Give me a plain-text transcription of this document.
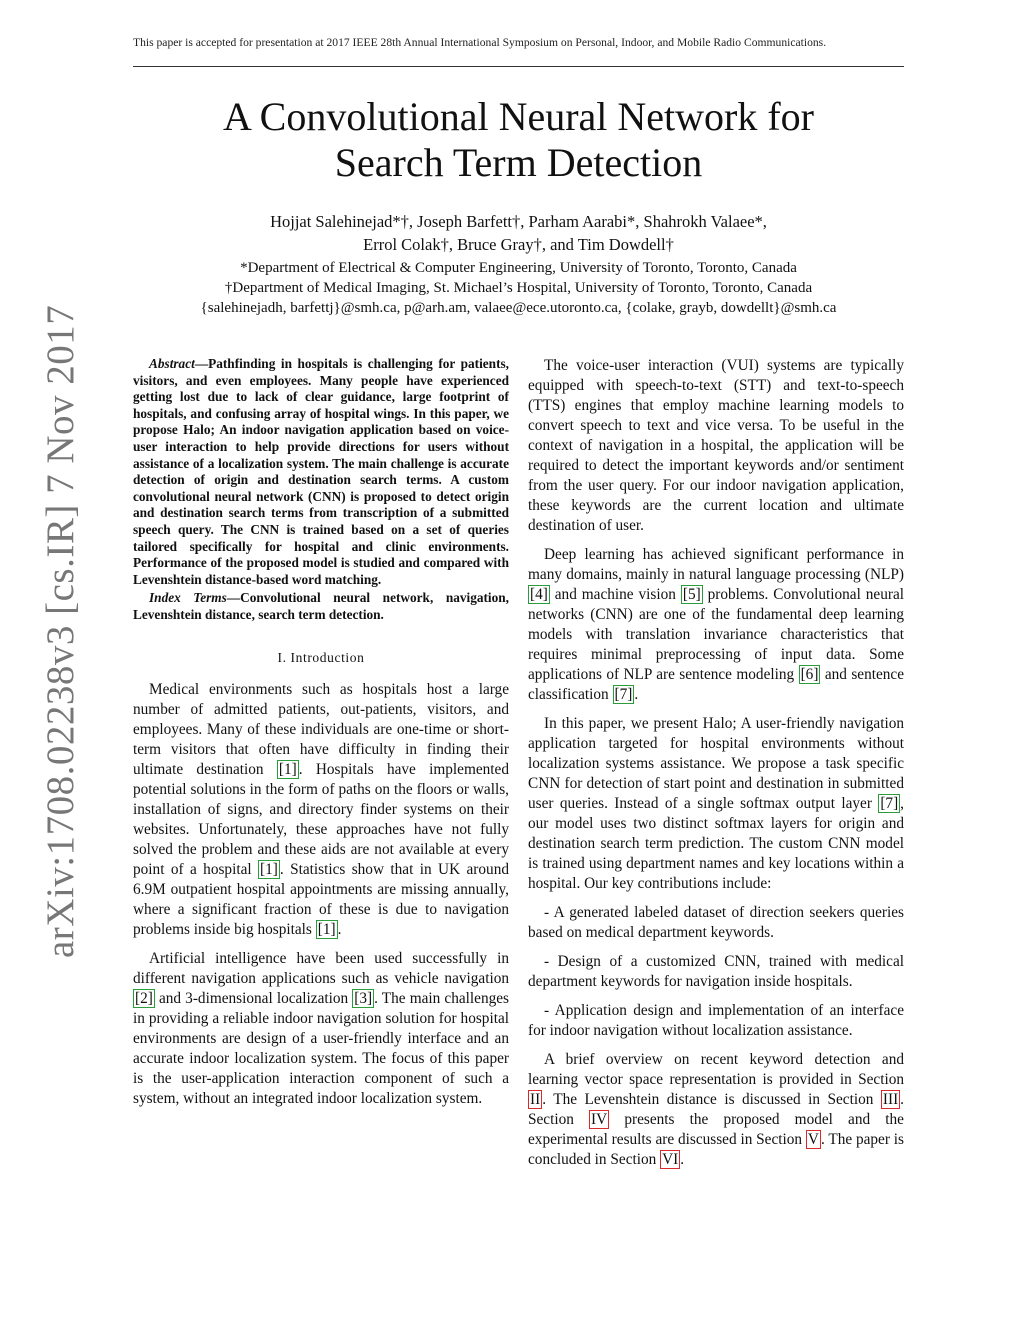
This paper is accepted for presentation at 2017 IEEE 28th Annual International Symposium on Personal, Indoor, and Mobile Radio Communications.
arXiv:1708.02238v3 [cs.IR] 7 Nov 2017
A Convolutional Neural Network for
Search Term Detection
Hojjat Salehinejad*†, Joseph Barfett†, Parham Aarabi*, Shahrokh Valaee*,
Errol Colak†, Bruce Gray†, and Tim Dowdell†
*Department of Electrical & Computer Engineering, University of Toronto, Toronto, Canada
†Department of Medical Imaging, St. Michael’s Hospital, University of Toronto, Toronto, Canada
{salehinejadh, barfettj}@smh.ca, p@arh.am, valaee@ece.utoronto.ca, {colake, grayb, dowdellt}@smh.ca

Abstract—Pathfinding in hospitals is challenging for patients, visitors, and even employees. Many people have experienced getting lost due to lack of clear guidance, large footprint of hospitals, and confusing array of hospital wings. In this paper, we propose Halo; An indoor navigation application based on voice-user interaction to help provide directions for users without assistance of a localization system. The main challenge is accurate detection of origin and destination search terms. A custom convolutional neural network (CNN) is proposed to detect origin and destination search terms from transcription of a submitted speech query. The CNN is trained based on a set of queries tailored specifically for hospital and clinic environments. Performance of the proposed model is studied and compared with Levenshtein distance-based word matching.

Index Terms—Convolutional neural network, navigation, Levenshtein distance, search term detection.

I. Introduction

Medical environments such as hospitals host a large number of admitted patients, out-patients, visitors, and employees. Many of these individuals are one-time or short-term visitors that often have difficulty in finding their ultimate destination [1] . Hospitals have implemented potential solutions in the form of paths on the floors or walls, installation of signs, and directory finder systems on their websites. Unfortunately, these approaches have not fully solved the problem and these aids are not available at every point of a hospital [1] . Statistics show that in UK around 6.9M outpatient hospital appointments are missing annually, where a significant fraction of these is due to navigation problems inside big hospitals [1] .

Artificial intelligence have been used successfully in different navigation applications such as vehicle navigation [2] and 3-dimensional localization [3] . The main challenges in providing a reliable indoor navigation solution for hospital environments are design of a user-friendly interface and an accurate indoor localization system. The focus of this paper is the user-application interaction component of such a system, without an integrated indoor localization system.

The voice-user interaction (VUI) systems are typically equipped with speech-to-text (STT) and text-to-speech (TTS) engines that employ machine learning models to convert speech to text and vice versa. To be useful in the context of navigation in a hospital, the application will be required to detect the important keywords and/or sentiment from the user query. For our indoor navigation application, these keywords are the current location and ultimate destination of user.

Deep learning has achieved significant performance in many domains, mainly in natural language processing (NLP) [4] and machine vision [5] problems. Convolutional neural networks (CNN) are one of the fundamental deep learning models with translation invariance characteristics that requires minimal preprocessing of input data. Some applications of NLP are sentence modeling [6] and sentence classification [7] .

In this paper, we present Halo; A user-friendly navigation application targeted for hospital environments without localization systems assistance. We propose a task specific CNN for detection of start point and destination in submitted user queries. Instead of a single softmax output layer [7] , our model uses two distinct softmax layers for origin and destination search term prediction. The custom CNN model is trained using department names and key locations within a hospital. Our key contributions include:

- A generated labeled dataset of direction seekers queries based on medical department keywords.

- Design of a customized CNN, trained with medical department keywords for navigation inside hospitals.

- Application design and implementation of an interface for indoor navigation without localization assistance.

A brief overview on recent keyword detection and learning vector space representation is provided in Section II . The Levenshtein distance is discussed in Section III . Section IV presents the proposed model and the experimental results are discussed in Section V . The paper is concluded in Section VI .
